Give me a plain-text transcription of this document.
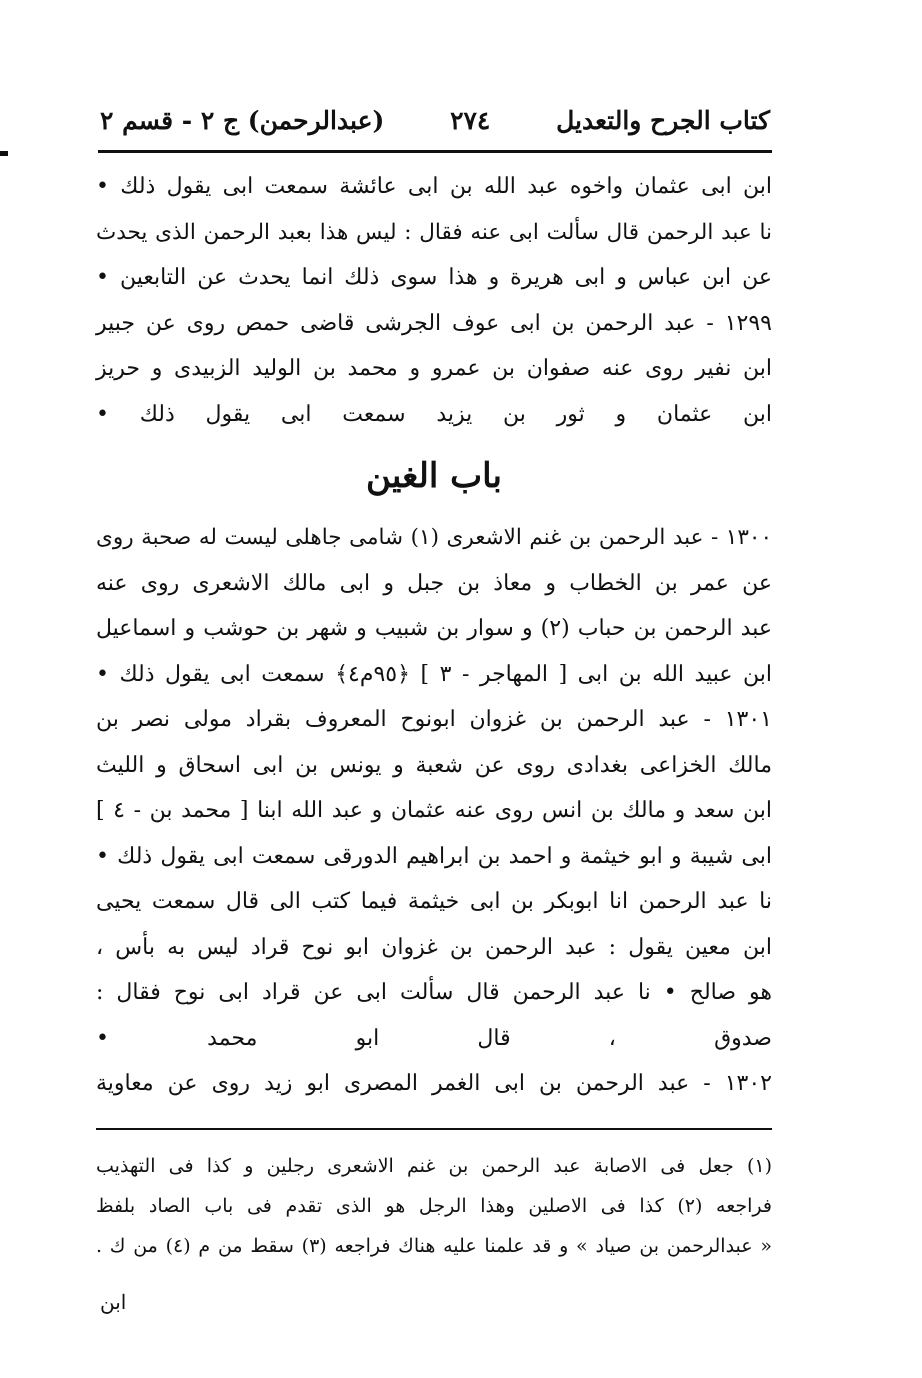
كتاب الجرح والتعديل
٢٧٤
(عبدالرحمن) ج ٢ - قسم ٢
ابن ابى عثمان واخوه عبد الله بن ابى عائشة سمعت ابى يقول ذلك •
نا عبد الرحمن قال سألت ابى عنه فقال : ليس هذا بعبد الرحمن الذى يحدث
عن ابن عباس و ابى هريرة و هذا سوى ذلك انما يحدث عن التابعين •
١٢٩٩ - عبد الرحمن بن ابى عوف الجرشى قاضى حمص روى عن جبير
ابن نفير روى عنه صفوان بن عمرو و محمد بن الوليد الزبيدى و حريز
ابن عثمان و ثور بن يزيد سمعت ابى يقول ذلك •
باب الغين
١٣٠٠ - عبد الرحمن بن غنم الاشعرى (١) شامى جاهلى ليست له صحبة روى
عن عمر بن الخطاب و معاذ بن جبل و ابى مالك الاشعرى روى عنه
عبد الرحمن بن حباب (٢) و سوار بن شبيب و شهر بن حوشب و اسماعيل
ابن عبيد الله بن ابى [ المهاجر - ٣ ] ﴿٩٥م٤﴾ سمعت ابى يقول ذلك •
١٣٠١ - عبد الرحمن بن غزوان ابونوح المعروف بقراد مولى نصر بن
مالك الخزاعى بغدادى روى عن شعبة و يونس بن ابى اسحاق و الليث
ابن سعد و مالك بن انس روى عنه عثمان و عبد الله ابنا [ محمد بن - ٤ ]
ابى شيبة و ابو خيثمة و احمد بن ابراهيم الدورقى سمعت ابى يقول ذلك •
نا عبد الرحمن انا ابوبكر بن ابى خيثمة فيما كتب الى قال سمعت يحيى
ابن معين يقول : عبد الرحمن بن غزوان ابو نوح قراد ليس به بأس ،
هو صالح • نا عبد الرحمن قال سألت ابى عن قراد ابى نوح فقال :
صدوق ، قال ابو محمد •
١٣٠٢ - عبد الرحمن بن ابى الغمر المصرى ابو زيد روى عن معاوية
(١) جعل فى الاصابة عبد الرحمن بن غنم الاشعرى رجلين و كذا فى التهذيب
فراجعه (٢) كذا فى الاصلين وهذا الرجل هو الذى تقدم فى باب الصاد بلفظ
« عبدالرحمن بن صياد » و قد علمنا عليه هناك فراجعه (٣) سقط من م (٤) من ك .
ابن
